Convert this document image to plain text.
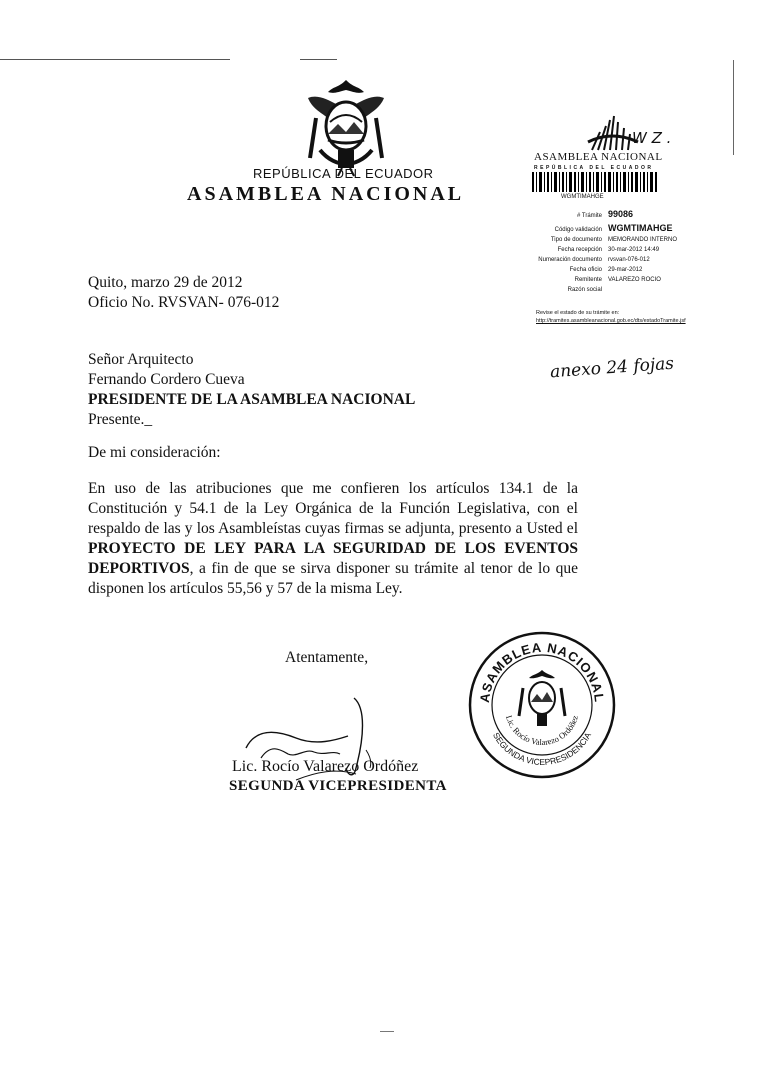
REPÚBLICA DEL ECUADOR
ASAMBLEA NACIONAL
W Z .
ASAMBLEA NACIONAL
REPÚBLICA DEL ECUADOR
WGMTIMAHGE
# Trámite 99086
Código validación WGMTIMAHGE
Tipo de documento	MEMORANDO INTERNO
Fecha recepción	30-mar-2012 14:49
Numeración documento	rvsvan-076-012
Fecha oficio	29-mar-2012
Remitente	VALAREZO ROCIO
Razón social
Revise el estado de su trámite en:
http://tramites.asambleanacional.gob.ec/dts/estadoTramite.jsf
anexo 24 fojas
Quito, marzo 29 de 2012
Oficio No. RVSVAN- 076-012
Señor Arquitecto
Fernando Cordero Cueva
PRESIDENTE DE LA ASAMBLEA NACIONAL
Presente._
De mi consideración:
En uso de las atribuciones que me confieren los artículos 134.1 de la Constitución y 54.1 de la Ley Orgánica de la Función Legislativa, con el respaldo de las y los Asambleístas cuyas firmas se adjunta, presento a Usted el PROYECTO DE LEY PARA LA SEGURIDAD DE LOS EVENTOS DEPORTIVOS, a fin de que se sirva disponer su trámite al tenor de lo que disponen los artículos 55,56 y 57 de la misma Ley.
Atentamente,
ASAMBLEA NACIONAL
Lic. Rocío Valarezo Ordóñez
SEGUNDA VICEPRESIDENCIA
Lic. Rocío Valarezo Ordóñez
SEGUNDA VICEPRESIDENTA
